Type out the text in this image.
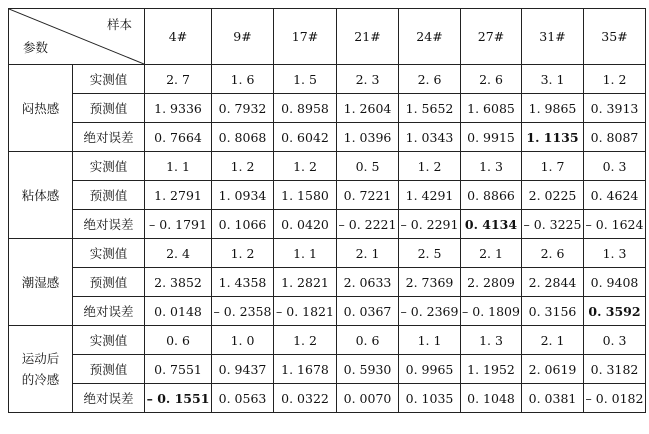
样本
参数		4#	9#	17#	21#	24#	27#	31#	35#

闷热感	实测值	2. 7	1. 6	1. 5	2. 3	2. 6	2. 6	3. 1	1. 2
	预测值	1. 9336	0. 7932	0. 8958	1. 2604	1. 5652	1. 6085	1. 9865	0. 3913
	绝对误差	0. 7664	0. 8068	0. 6042	1. 0396	1. 0343	0. 9915	1. 1135	0. 8087

粘体感	实测值	1. 1	1. 2	1. 2	0. 5	1. 2	1. 3	1. 7	0. 3
	预测值	1. 2791	1. 0934	1. 1580	0. 7221	1. 4291	0. 8866	2. 0225	0. 4624
	绝对误差	– 0. 1791	0. 1066	0. 0420	– 0. 2221	– 0. 2291	0. 4134	– 0. 3225	– 0. 1624

潮湿感	实测值	2. 4	1. 2	1. 1	2. 1	2. 5	2. 1	2. 6	1. 3
	预测值	2. 3852	1. 4358	1. 2821	2. 0633	2. 7369	2. 2809	2. 2844	0. 9408
	绝对误差	0. 0148	– 0. 2358	– 0. 1821	0. 0367	– 0. 2369	– 0. 1809	0. 3156	0. 3592

运动后
的冷感	实测值	0. 6	1. 0	1. 2	0. 6	1. 1	1. 3	2. 1	0. 3
	预测值	0. 7551	0. 9437	1. 1678	0. 5930	0. 9965	1. 1952	2. 0619	0. 3182
	绝对误差	– 0. 1551	0. 0563	0. 0322	0. 0070	0. 1035	0. 1048	0. 0381	– 0. 0182
